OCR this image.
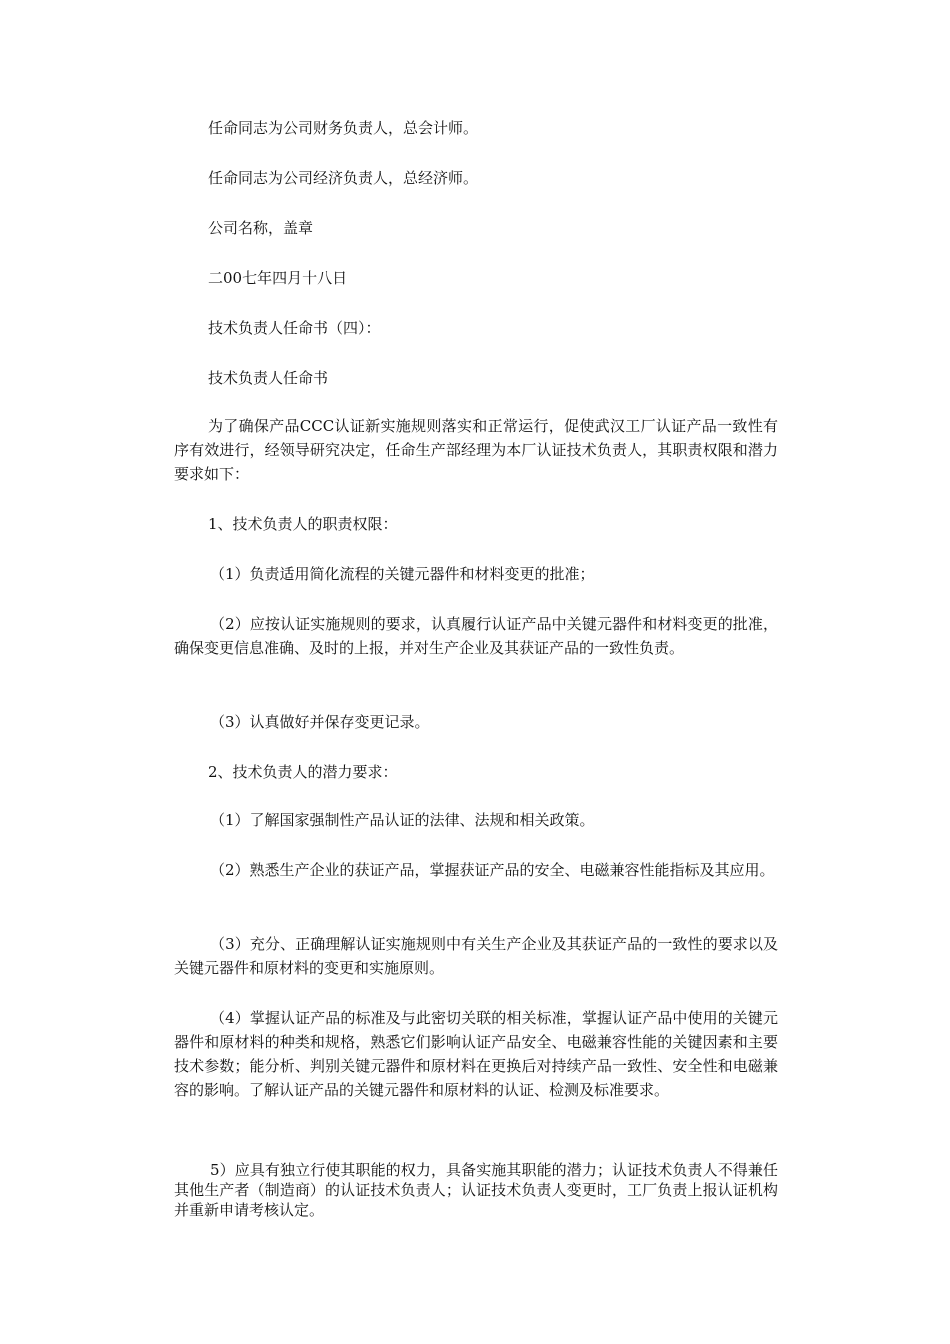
任命同志为公司财务负责人，总会计师。

任命同志为公司经济负责人，总经济师。

公司名称，盖章

二00七年四月十八日

技术负责人任命书（四）：

技术负责人任命书

为了确保产品CCC认证新实施规则落实和正常运行，促使武汉工厂认证产品一致性有序有效进行，经领导研究决定，任命生产部经理为本厂认证技术负责人，其职责权限和潜力要求如下：

1、技术负责人的职责权限：

（1）负责适用简化流程的关键元器件和材料变更的批准；

（2）应按认证实施规则的要求，认真履行认证产品中关键元器件和材料变更的批准，确保变更信息准确、及时的上报，并对生产企业及其获证产品的一致性负责。

（3）认真做好并保存变更记录。

2、技术负责人的潜力要求：

（1）了解国家强制性产品认证的法律、法规和相关政策。

（2）熟悉生产企业的获证产品，掌握获证产品的安全、电磁兼容性能指标及其应用。

（3）充分、正确理解认证实施规则中有关生产企业及其获证产品的一致性的要求以及关键元器件和原材料的变更和实施原则。

（4）掌握认证产品的标准及与此密切关联的相关标准，掌握认证产品中使用的关键元器件和原材料的种类和规格，熟悉它们影响认证产品安全、电磁兼容性能的关键因素和主要技术参数；能分析、判别关键元器件和原材料在更换后对持续产品一致性、安全性和电磁兼容的影响。了解认证产品的关键元器件和原材料的认证、检测及标准要求。

5）应具有独立行使其职能的权力，具备实施其职能的潜力；认证技术负责人不得兼任其他生产者（制造商）的认证技术负责人；认证技术负责人变更时，工厂负责上报认证机构并重新申请考核认定。
